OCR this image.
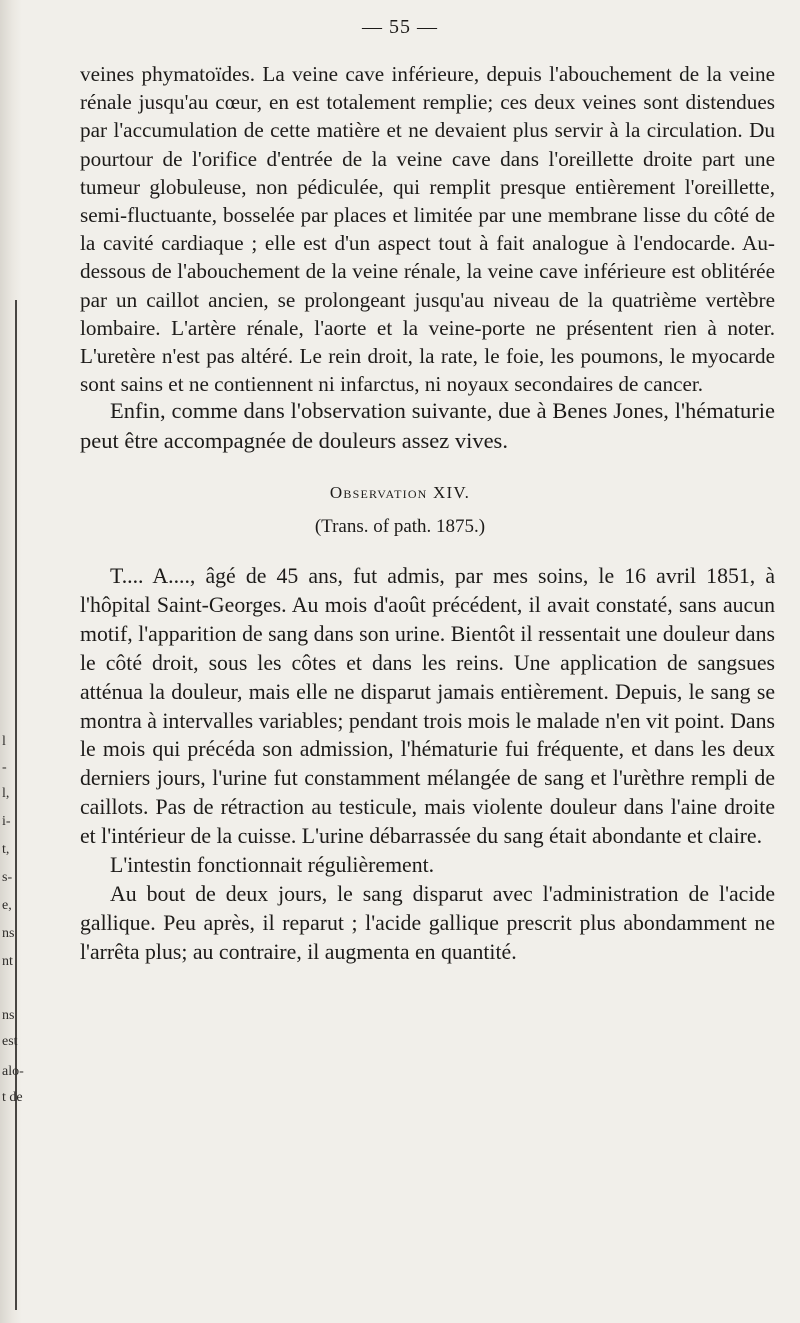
l
-
l,
i-
t,
s-
e,
ns
nt
ns
est
alo-
t de
— 55 —

veines phymatoïdes. La veine cave inférieure, depuis l'abouchement de la veine rénale jusqu'au cœur, en est totalement remplie; ces deux veines sont distendues par l'accumulation de cette matière et ne devaient plus servir à la circulation. Du pourtour de l'orifice d'entrée de la veine cave dans l'oreillette droite part une tumeur globuleuse, non pédiculée, qui remplit presque entièrement l'oreillette, semi-fluctuante, bosselée par places et limitée par une membrane lisse du côté de la cavité cardiaque ; elle est d'un aspect tout à fait analogue à l'endocarde. Au-dessous de l'abouchement de la veine rénale, la veine cave inférieure est oblitérée par un caillot ancien, se prolongeant jusqu'au niveau de la quatrième vertèbre lombaire. L'artère rénale, l'aorte et la veine-porte ne présentent rien à noter. L'uretère n'est pas altéré. Le rein droit, la rate, le foie, les poumons, le myocarde sont sains et ne contiennent ni infarctus, ni noyaux secondaires de cancer.

Enfin, comme dans l'observation suivante, due à Benes Jones, l'hématurie peut être accompagnée de douleurs assez vives.

Observation XIV.
(Trans. of path. 1875.)

T.... A...., âgé de 45 ans, fut admis, par mes soins, le 16 avril 1851, à l'hôpital Saint-Georges. Au mois d'août précédent, il avait constaté, sans aucun motif, l'apparition de sang dans son urine. Bientôt il ressentait une douleur dans le côté droit, sous les côtes et dans les reins. Une application de sangsues atténua la douleur, mais elle ne disparut jamais entièrement. Depuis, le sang se montra à intervalles variables; pendant trois mois le malade n'en vit point. Dans le mois qui précéda son admission, l'hématurie fui fréquente, et dans les deux derniers jours, l'urine fut constamment mélangée de sang et l'urèthre rempli de caillots. Pas de rétraction au testicule, mais violente douleur dans l'aine droite et l'intérieur de la cuisse. L'urine débarrassée du sang était abondante et claire.

L'intestin fonctionnait régulièrement.

Au bout de deux jours, le sang disparut avec l'administration de l'acide gallique. Peu après, il reparut ; l'acide gallique prescrit plus abondamment ne l'arrêta plus; au contraire, il augmenta en quantité.
